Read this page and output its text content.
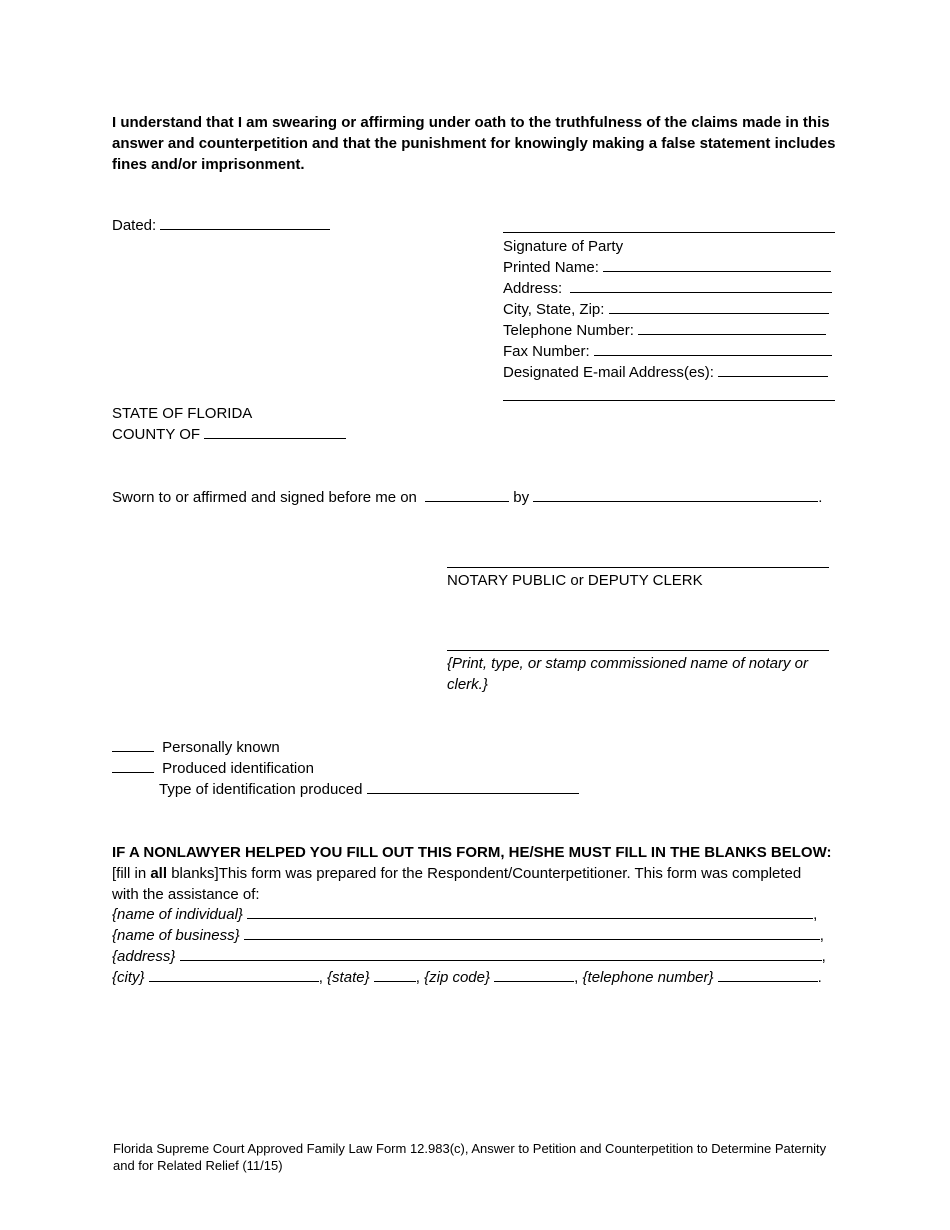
I understand that I am swearing or affirming under oath to the truthfulness of the claims made in this answer and counterpetition and that the punishment for knowingly making a false statement includes fines and/or imprisonment.
Dated:
Signature of Party
Printed Name:
Address:
City, State, Zip:
Telephone Number:
Fax Number:
Designated E-mail Address(es):
STATE OF FLORIDA
COUNTY OF
Sworn to or affirmed and signed before me on	by	.
NOTARY PUBLIC or DEPUTY CLERK
{Print, type, or stamp commissioned name of notary or clerk.}
Personally known
Produced identification
Type of identification produced
IF A NONLAWYER HELPED YOU FILL OUT THIS FORM, HE/SHE MUST FILL IN THE BLANKS BELOW:
[fill in all blanks]This form was prepared for the Respondent/Counterpetitioner. This form was completed with the assistance of:
{name of individual}	,
{name of business}	,
{address}	,
{city}	, {state}	, {zip code}	, {telephone number}	.
Florida Supreme Court Approved Family Law Form 12.983(c), Answer to Petition and Counterpetition to Determine Paternity and for Related Relief (11/15)
